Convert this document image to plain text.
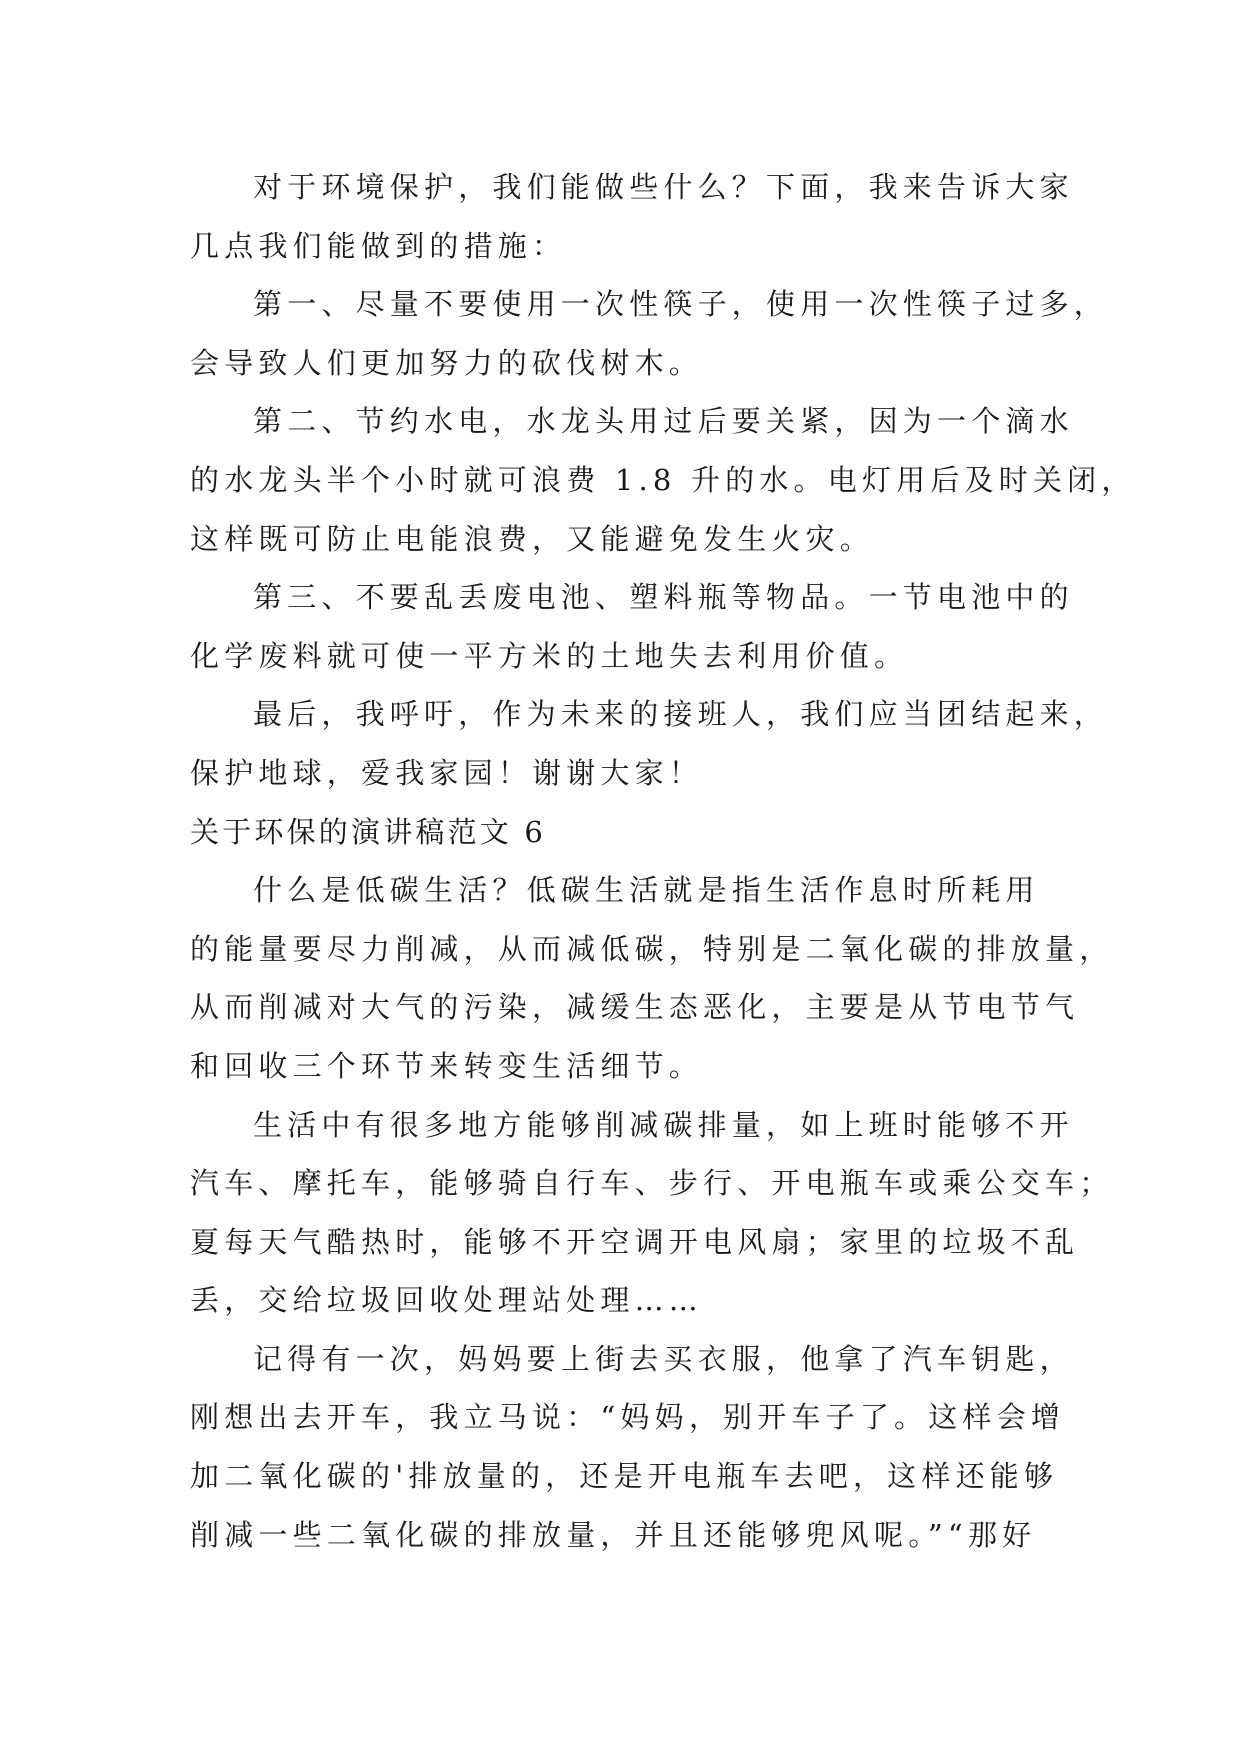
对于环境保护，我们能做些什么？下面，我来告诉大家
几点我们能做到的措施：
第一、尽量不要使用一次性筷子，使用一次性筷子过多，
会导致人们更加努力的砍伐树木。
第二、节约水电，水龙头用过后要关紧，因为一个滴水
的水龙头半个小时就可浪费 1.8 升的水。电灯用后及时关闭，
这样既可防止电能浪费，又能避免发生火灾。
第三、不要乱丢废电池、塑料瓶等物品。一节电池中的
化学废料就可使一平方米的土地失去利用价值。
最后，我呼吁，作为未来的接班人，我们应当团结起来，
保护地球，爱我家园！谢谢大家！
关于环保的演讲稿范文 6
什么是低碳生活？低碳生活就是指生活作息时所耗用
的能量要尽力削减，从而减低碳，特别是二氧化碳的排放量，
从而削减对大气的污染，减缓生态恶化，主要是从节电节气
和回收三个环节来转变生活细节。
生活中有很多地方能够削减碳排量，如上班时能够不开
汽车、摩托车，能够骑自行车、步行、开电瓶车或乘公交车；
夏每天气酷热时，能够不开空调开电风扇；家里的垃圾不乱
丢，交给垃圾回收处理站处理……
记得有一次，妈妈要上街去买衣服，他拿了汽车钥匙，
刚想出去开车，我立马说：“妈妈，别开车子了。这样会增
加二氧化碳的'排放量的，还是开电瓶车去吧，这样还能够
削减一些二氧化碳的排放量，并且还能够兜风呢。”“那好
